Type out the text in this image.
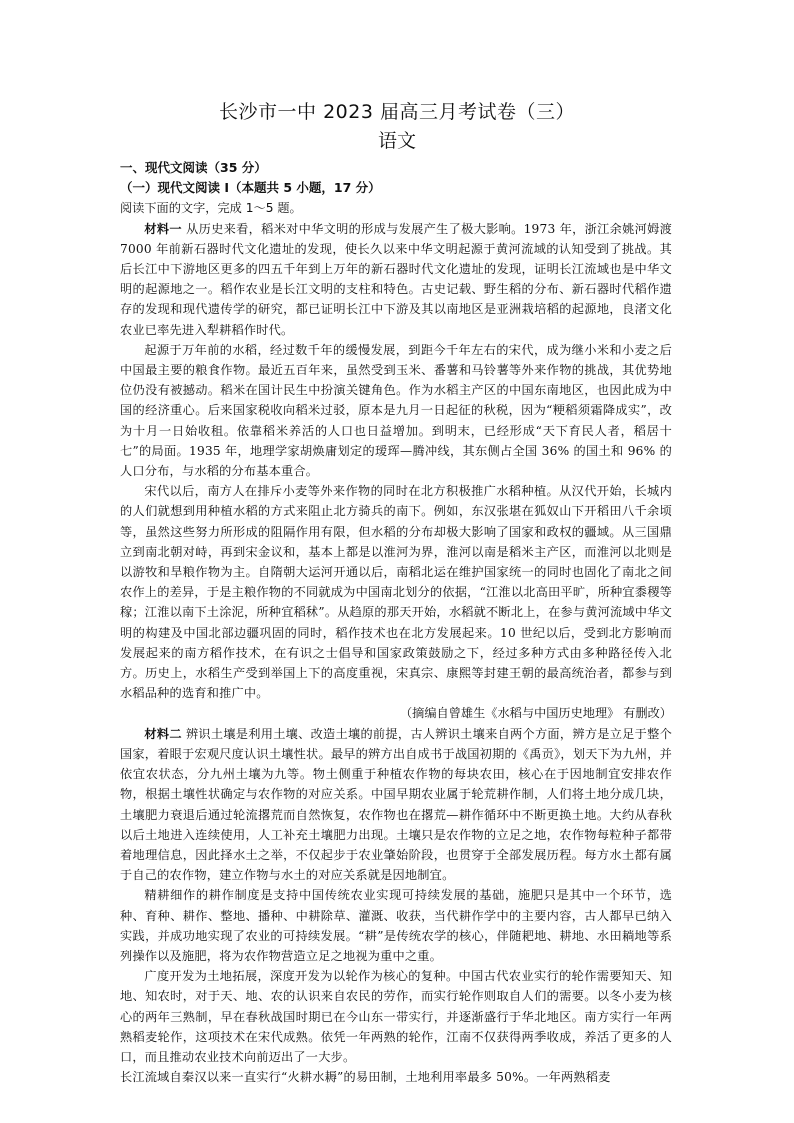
长沙市一中 2023 届高三月考试卷（三）
语文
一、现代文阅读（35 分）
（一）现代文阅读 I（本题共 5 小题，17 分）
阅读下面的文字，完成 1～5 题。

材料一 从历史来看，稻米对中华文明的形成与发展产生了极大影响。1973 年，浙江余姚河姆渡 7000 年前新石器时代文化遗址的发现，使长久以来中华文明起源于黄河流域的认知受到了挑战。其后长江中下游地区更多的四五千年到上万年的新石器时代文化遗址的发现，证明长江流域也是中华文明的起源地之一。稻作农业是长江文明的支柱和特色。古史记载、野生稻的分布、新石器时代稻作遗存的发现和现代遗传学的研究，都已证明长江中下游及其以南地区是亚洲栽培稻的起源地，良渚文化农业已率先进入犁耕稻作时代。

起源于万年前的水稻，经过数千年的缓慢发展，到距今千年左右的宋代，成为继小米和小麦之后中国最主要的粮食作物。最近五百年来，虽然受到玉米、番薯和马铃薯等外来作物的挑战，其优势地位仍没有被撼动。稻米在国计民生中扮演关键角色。作为水稻主产区的中国东南地区，也因此成为中国的经济重心。后来国家税收向稻米过驳，原本是九月一日起征的秋税，因为“粳稻须霜降成实”，改为十月一日始收租。依靠稻米养活的人口也日益增加。到明末，已经形成“天下育民人者，稻居十七”的局面。1935 年，地理学家胡焕庸划定的瑷珲—腾冲线，其东侧占全国 36% 的国土和 96% 的人口分布，与水稻的分布基本重合。

宋代以后，南方人在排斥小麦等外来作物的同时在北方积极推广水稻种植。从汉代开始，长城内的人们就想到用种植水稻的方式来阻止北方骑兵的南下。例如，东汉张堪在狐奴山下开稻田八千余顷等，虽然这些努力所形成的阻隔作用有限，但水稻的分布却极大影响了国家和政权的疆域。从三国鼎立到南北朝对峙，再到宋金议和，基本上都是以淮河为界，淮河以南是稻米主产区，而淮河以北则是以游牧和旱粮作物为主。自隋朝大运河开通以后，南稻北运在维护国家统一的同时也固化了南北之间农作上的差异，于是主粮作物的不同就成为中国南北划分的依据，“江淮以北高田平旷，所种宜黍稷等稼；江淮以南下土涂泥，所种宜稻秫”。从趋原的那天开始，水稻就不断北上，在参与黄河流域中华文明的构建及中国北部边疆巩固的同时，稻作技术也在北方发展起来。10 世纪以后，受到北方影响而发展起来的南方稻作技术，在有识之士倡导和国家政策鼓励之下，经过多种方式由多种路径传入北方。历史上，水稻生产受到举国上下的高度重视，宋真宗、康熙等封建王朝的最高统治者，都参与到水稻品种的选育和推广中。

（摘编自曾雄生《水稻与中国历史地理》 有删改）

材料二 辨识土壤是利用土壤、改造土壤的前提，古人辨识土壤来自两个方面，辨方是立足于整个国家，着眼于宏观尺度认识土壤性状。最早的辨方出自成书于战国初期的《禹贡》，划天下为九州，并依宜农状态，分九州土壤为九等。物土侧重于种植农作物的每块农田，核心在于因地制宜安排农作物，根据土壤性状确定与农作物的对应关系。中国早期农业属于轮荒耕作制，人们将土地分成几块，土壤肥力衰退后通过轮流撂荒而自然恢复，农作物也在撂荒—耕作循环中不断更换土地。大约从春秋以后土地进入连续使用，人工补充土壤肥力出现。土壤只是农作物的立足之地，农作物每粒种子都带着地理信息，因此择水土之举，不仅起步于农业肇始阶段，也贯穿于全部发展历程。每方水土都有属于自己的农作物，建立作物与水土的对应关系就是因地制宜。

精耕细作的耕作制度是支持中国传统农业实现可持续发展的基础，施肥只是其中一个环节，选种、育种、耕作、整地、播种、中耕除草、灌溉、收获，当代耕作学中的主要内容，古人都早已纳入实践，并成功地实现了农业的可持续发展。“耕”是传统农学的核心，伴随耙地、耕地、水田耥地等系列操作以及施肥，将为农作物营造立足之地视为重中之重。

广度开发为土地拓展，深度开发为以轮作为核心的复种。中国古代农业实行的轮作需要知天、知地、知农时，对于天、地、农的认识来自农民的劳作，而实行轮作则取自人们的需要。以冬小麦为核心的两年三熟制，早在春秋战国时期已在今山东一带实行，并逐渐盛行于华北地区。南方实行一年两熟稻麦轮作，这项技术在宋代成熟。依凭一年两熟的轮作，江南不仅获得两季收成，养活了更多的人口，而且推动农业技术向前迈出了一大步。

长江流域自秦汉以来一直实行“火耕水耨”的易田制，土地利用率最多 50%。一年两熟稻麦
